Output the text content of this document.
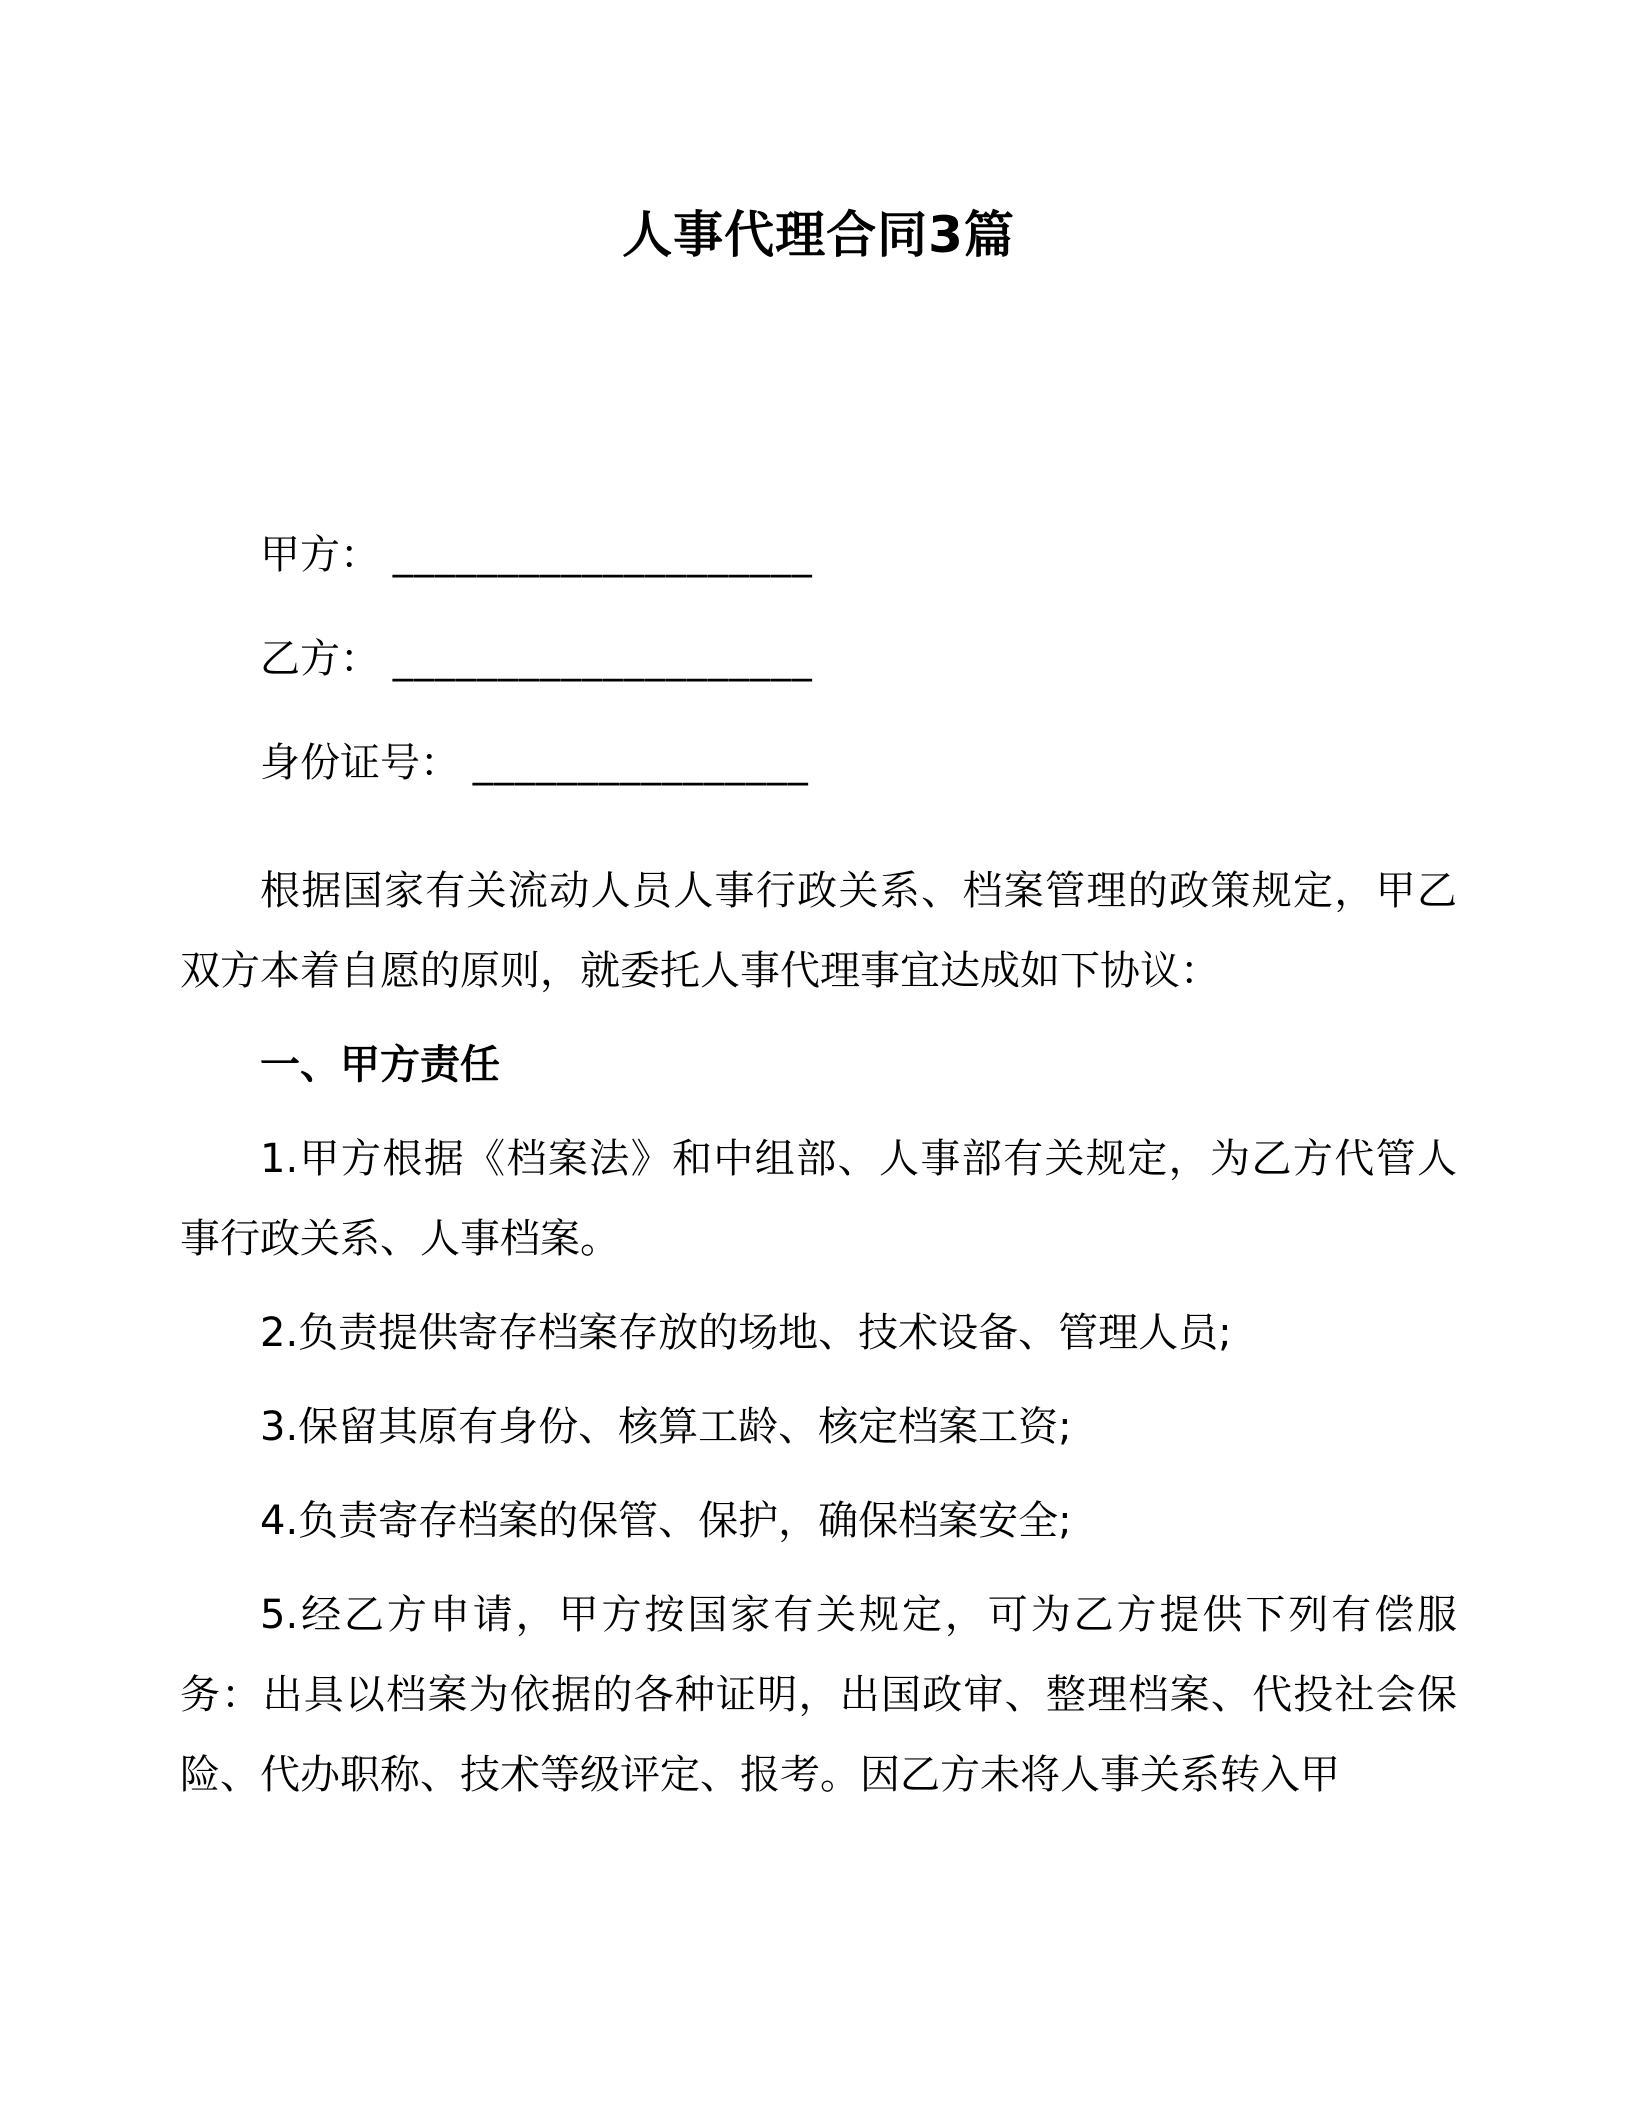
人事代理合同3篇
甲方： ____________________
乙方： ____________________
身份证号： ________________

根据国家有关流动人员人事行政关系、档案管理的政策规定，甲乙双方本着自愿的原则，就委托人事代理事宜达成如下协议：

一、甲方责任

1.甲方根据《档案法》和中组部、人事部有关规定，为乙方代管人事行政关系、人事档案。

2.负责提供寄存档案存放的场地、技术设备、管理人员;

3.保留其原有身份、核算工龄、核定档案工资;

4.负责寄存档案的保管、保护，确保档案安全;

5.经乙方申请，甲方按国家有关规定，可为乙方提供下列有偿服务：出具以档案为依据的各种证明，出国政审、整理档案、代投社会保险、代办职称、技术等级评定、报考。因乙方未将人事关系转入甲
